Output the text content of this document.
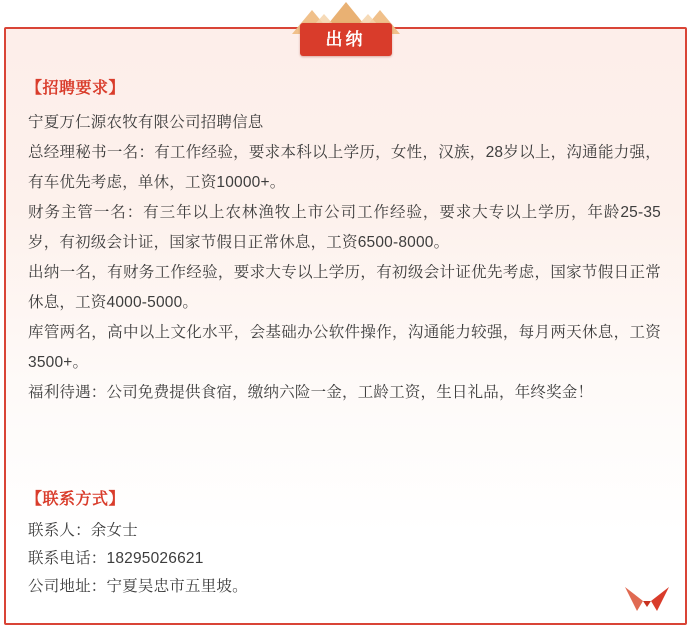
【招聘要求】

宁夏万仁源农牧有限公司招聘信息

总经理秘书一名：有工作经验，要求本科以上学历，女性，汉族，28岁以上，沟通能力强，有车优先考虑，单休，工资10000+。

财务主管一名：有三年以上农林渔牧上市公司工作经验，要求大专以上学历，年龄25-35岁，有初级会计证，国家节假日正常休息，工资6500-8000。

出纳一名，有财务工作经验，要求大专以上学历，有初级会计证优先考虑，国家节假日正常休息，工资4000-5000。

库管两名，高中以上文化水平，会基础办公软件操作，沟通能力较强，每月两天休息，工资3500+。

福利待遇：公司免费提供食宿，缴纳六险一金，工龄工资，生日礼品，年终奖金！

【联系方式】

联系人：余女士

联系电话：18295026621

公司地址：宁夏吴忠市五里坡。

出纳
